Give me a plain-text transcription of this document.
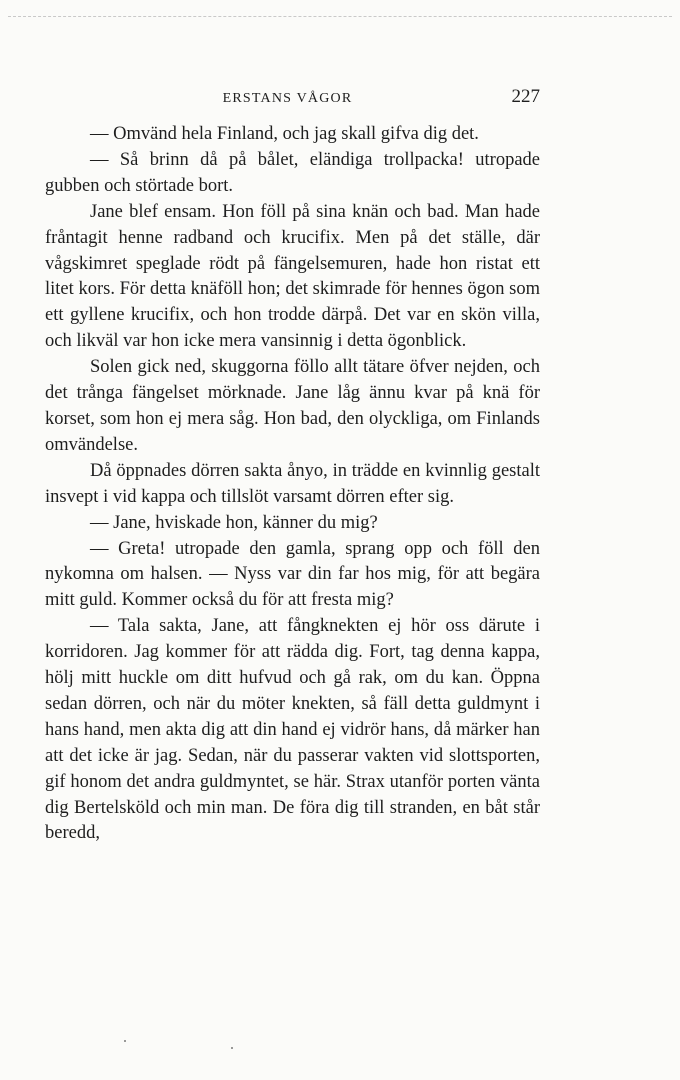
ERSTANS VÅGOR	227

— Omvänd hela Finland, och jag skall gifva dig det.

— Så brinn då på bålet, eländiga trollpacka! utropade gubben och störtade bort.

Jane blef ensam. Hon föll på sina knän och bad. Man hade fråntagit henne radband och krucifix. Men på det ställe, där vågskimret speglade rödt på fängelsemuren, hade hon ristat ett litet kors. För detta knäföll hon; det skimrade för hennes ögon som ett gyllene krucifix, och hon trodde därpå. Det var en skön villa, och likväl var hon icke mera vansinnig i detta ögonblick.

Solen gick ned, skuggorna föllo allt tätare öfver nejden, och det trånga fängelset mörknade. Jane låg ännu kvar på knä för korset, som hon ej mera såg. Hon bad, den olyckliga, om Finlands omvändelse.

Då öppnades dörren sakta ånyo, in trädde en kvinnlig gestalt insvept i vid kappa och tillslöt varsamt dörren efter sig.

— Jane, hviskade hon, känner du mig?

— Greta! utropade den gamla, sprang opp och föll den nykomna om halsen. — Nyss var din far hos mig, för att begära mitt guld. Kommer också du för att fresta mig?

— Tala sakta, Jane, att fångknekten ej hör oss därute i korridoren. Jag kommer för att rädda dig. Fort, tag denna kappa, hölj mitt huckle om ditt hufvud och gå rak, om du kan. Öppna sedan dörren, och när du möter knekten, så fäll detta guldmynt i hans hand, men akta dig att din hand ej vidrör hans, då märker han att det icke är jag. Sedan, när du passerar vakten vid slottsporten, gif honom det andra guldmyntet, se här. Strax utanför porten vänta dig Bertelsköld och min man. De föra dig till stranden, en båt står beredd,
